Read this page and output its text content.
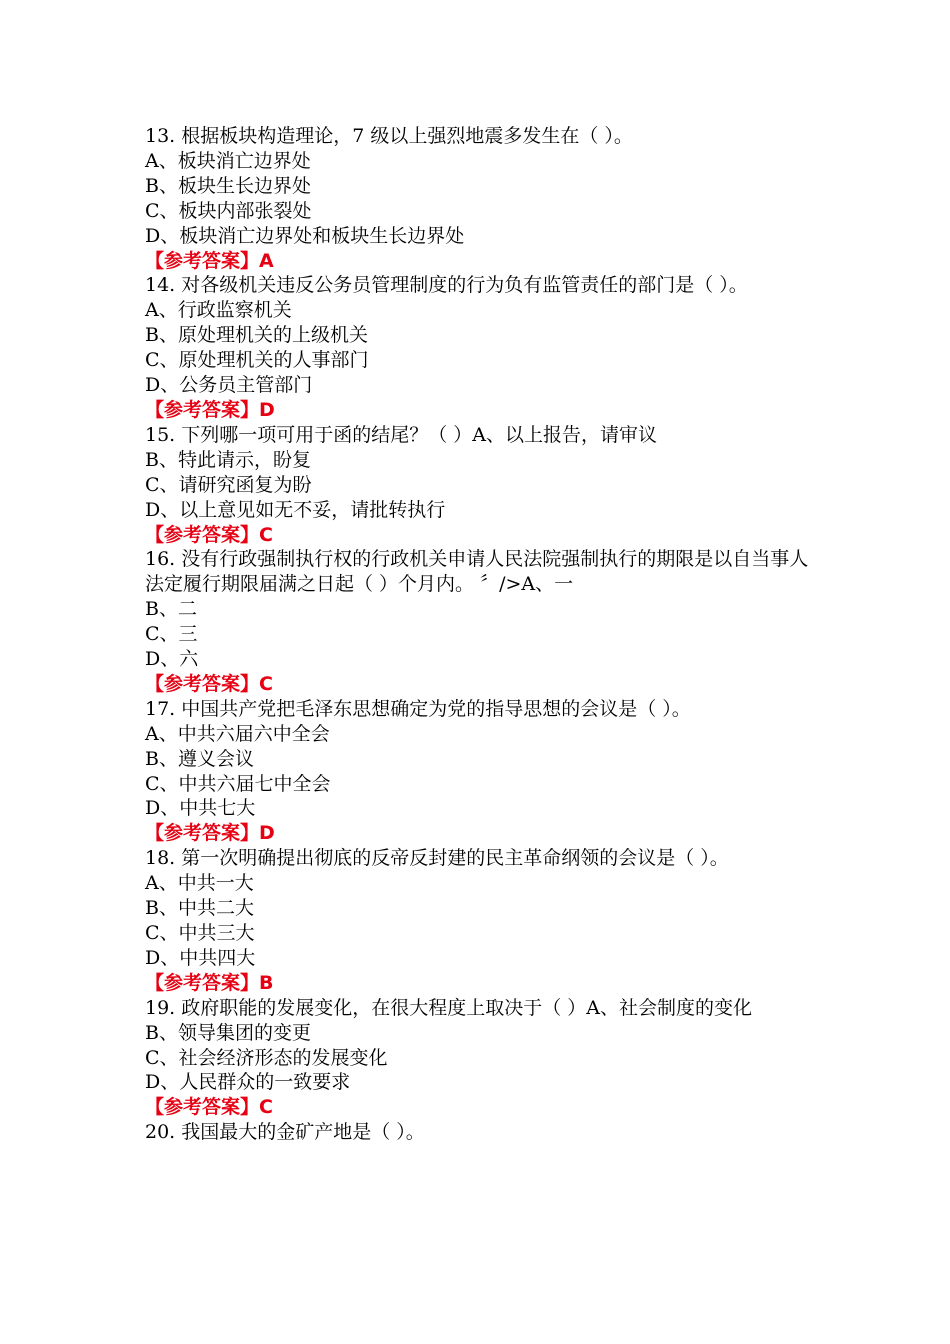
13. 根据板块构造理论，7 级以上强烈地震多发生在（ ）。
A、板块消亡边界处
B、板块生长边界处
C、板块内部张裂处
D、板块消亡边界处和板块生长边界处
【参考答案】A
14. 对各级机关违反公务员管理制度的行为负有监管责任的部门是（ ）。
A、行政监察机关
B、原处理机关的上级机关
C、原处理机关的人事部门
D、公务员主管部门
【参考答案】D
15. 下列哪一项可用于函的结尾？（ ）A、以上报告，请审议
B、特此请示，盼复
C、请研究函复为盼
D、以上意见如无不妥，请批转执行
【参考答案】C
16. 没有行政强制执行权的行政机关申请人民法院强制执行的期限是以自当事人法定履行期限届满之日起（ ）个月内。 〞/>A、一
B、二
C、三
D、六
【参考答案】C
17. 中国共产党把毛泽东思想确定为党的指导思想的会议是（ ）。
A、中共六届六中全会
B、遵义会议
C、中共六届七中全会
D、中共七大
【参考答案】D
18. 第一次明确提出彻底的反帝反封建的民主革命纲领的会议是（ ）。
A、中共一大
B、中共二大
C、中共三大
D、中共四大
【参考答案】B
19. 政府职能的发展变化，在很大程度上取决于（ ）A、社会制度的变化
B、领导集团的变更
C、社会经济形态的发展变化
D、人民群众的一致要求
【参考答案】C
20. 我国最大的金矿产地是（ ）。
